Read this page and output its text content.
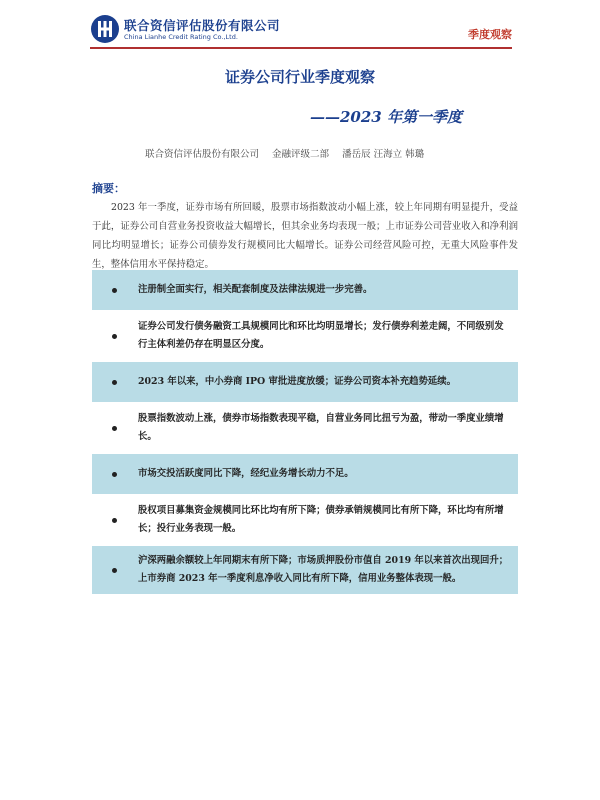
联合资信评估股份有限公司
China Lianhe Credit Rating Co.,Ltd.	季度观察
证券公司行业季度观察
——2023 年第一季度
联合资信评估股份有限公司 金融评级二部 潘岳辰 汪海立 韩璐
摘要：
2023 年一季度，证券市场有所回暖，股票市场指数波动小幅上涨，较上年同期有明显提升，受益于此，证券公司自营业务投资收益大幅增长，但其余业务均表现一般；上市证券公司营业收入和净利润同比均明显增长；证券公司债券发行规模同比大幅增长。证券公司经营风险可控，无重大风险事件发生，整体信用水平保持稳定。
注册制全面实行，相关配套制度及法律法规进一步完善。
证券公司发行债务融资工具规模同比和环比均明显增长；发行债券利差走阔，不同级别发行主体利差仍存在明显区分度。
2023 年以来，中小券商 IPO 审批进度放缓；证券公司资本补充趋势延续。
股票指数波动上涨，债券市场指数表现平稳，自营业务同比扭亏为盈，带动一季度业绩增长。
市场交投活跃度同比下降，经纪业务增长动力不足。
股权项目募集资金规模同比环比均有所下降；债券承销规模同比有所下降，环比均有所增长；投行业务表现一般。
沪深两融余额较上年同期末有所下降；市场质押股份市值自 2019 年以来首次出现回升；上市券商 2023 年一季度利息净收入同比有所下降，信用业务整体表现一般。
